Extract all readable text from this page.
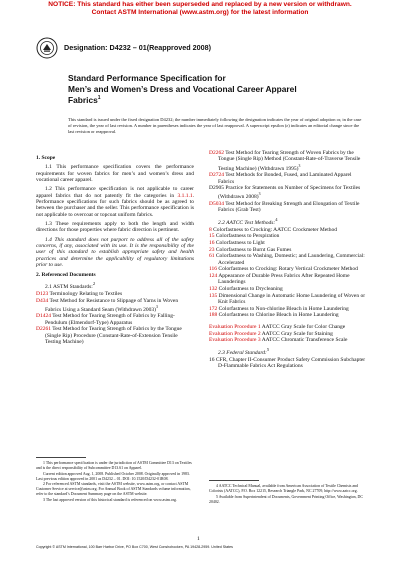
NOTICE: This standard has either been superseded and replaced by a new version or withdrawn.
Contact ASTM International (www.astm.org) for the latest information
Designation: D4232 – 01(Reapproved 2008)
Standard Performance Specification for
Men’s and Women’s Dress and Vocational Career Apparel
Fabrics$^1$
This standard is issued under the fixed designation D4232; the number immediately following the designation indicates the year of original adoption or, in the case of revision, the year of last revision. A number in parentheses indicates the year of last reapproval. A superscript epsilon (ε) indicates an editorial change since the last revision or reapproval.
1. Scope
1.1 This performance specification covers the performance requirements for woven fabrics for men’s and women’s dress and vocational career apparel.
1.2 This performance specification is not applicable to career apparel fabrics that do not patently fit the categories in 3.1.1.1. Performance specifications for such fabrics should be as agreed to between the purchaser and the seller. This performance specification is not applicable to overcoat or topcoat uniform fabrics.
1.3 These requirements apply to both the length and width directions for those properties where fabric direction is pertinent.
1.4 This standard does not purport to address all of the safety concerns, if any, associated with its use. It is the responsibility of the user of this standard to establish appropriate safety and health practices and determine the applicability of regulatory limitations prior to use.
2. Referenced Documents
2.1 ASTM Standards:$^2$
D123 Terminology Relating to Textiles
D434 Test Method for Resistance to Slippage of Yarns in Woven Fabrics Using a Standard Seam (Withdrawn 2003)$^3$
D1424 Test Method for Tearing Strength of Fabrics by Falling-Pendulum (Elmendorf-Type) Apparatus
D2261 Test Method for Tearing Strength of Fabrics by the Tongue (Single Rip) Procedure (Constant-Rate-of-Extension Tensile Testing Machine)

1 This performance specification is under the jurisdiction of ASTM Committee D13 on Textiles and is the direct responsibility of Subcommittee D13.61 on Apparel.

Current edition approved Aug. 1, 2008. Published October 2008. Originally approved in 1983. Last previous edition approved in 2001 as D4232 – 01. DOI: 10.1520/D4232-01R08.

2 For referenced ASTM standards, visit the ASTM website, www.astm.org, or contact ASTM Customer Service at service@astm.org. For Annual Book of ASTM Standards volume information, refer to the standard’s Document Summary page on the ASTM website.

3 The last approved version of this historical standard is referenced on www.astm.org.

D2262 Test Method for Tearing Strength of Woven Fabrics by the Tongue (Single Rip) Method (Constant-Rate-of-Traverse Tensile Testing Machine) (Withdrawn 1995)$^3$
D2724 Test Methods for Bonded, Fused, and Laminated Apparel Fabrics
D2905 Practice for Statements on Number of Specimens for Textiles (Withdrawn 2008)$^3$
D5034 Test Method for Breaking Strength and Elongation of Textile Fabrics (Grab Test)
2.2 AATCC Test Methods:$^4$
8 Colorfastness to Crocking: AATCC Crockmeter Method
15 Colorfastness to Perspiration
16 Colorfastness to Light
23 Colorfastness to Burnt Gas Fumes
61 Colorfastness to Washing, Domestic; and Laundering, Commercial: Accelerated
116 Colorfastness to Crocking: Rotary Vertical Crockmeter Method
124 Appearance of Durable Press Fabrics After Repeated Home Launderings
132 Colorfastness to Drycleaning
135 Dimensional Change in Automatic Home Laundering of Woven or Knit Fabrics
172 Colorfastness to Non-chlorine Bleach in Home Laundering
188 Colorfastness to Chlorine Bleach in Home Laundering
Evaluation Procedure 1 AATCC Gray Scale for Color Change
Evaluation Procedure 2 AATCC Gray Scale for Staining
Evaluation Procedure 3 AATCC Chromatic Transference Scale
2.3 Federal Standard:$^5$
16 CFR, Chapter II-Consumer Product Safety Commission Subchapter D-Flammable Fabrics Act Regulations

4 AATCC Technical Manual, available from American Association of Textile Chemists and Colorists (AATCC), P.O. Box 12215, Research Triangle Park, NC 27709, http://www.aatcc.org.

5 Available from Superintendent of Documents, Government Printing Office, Washington, DC 20402.

1
Copyright © ASTM International, 100 Barr Harbor Drive, PO Box C700, West Conshohocken, PA 19428-2959. United States
